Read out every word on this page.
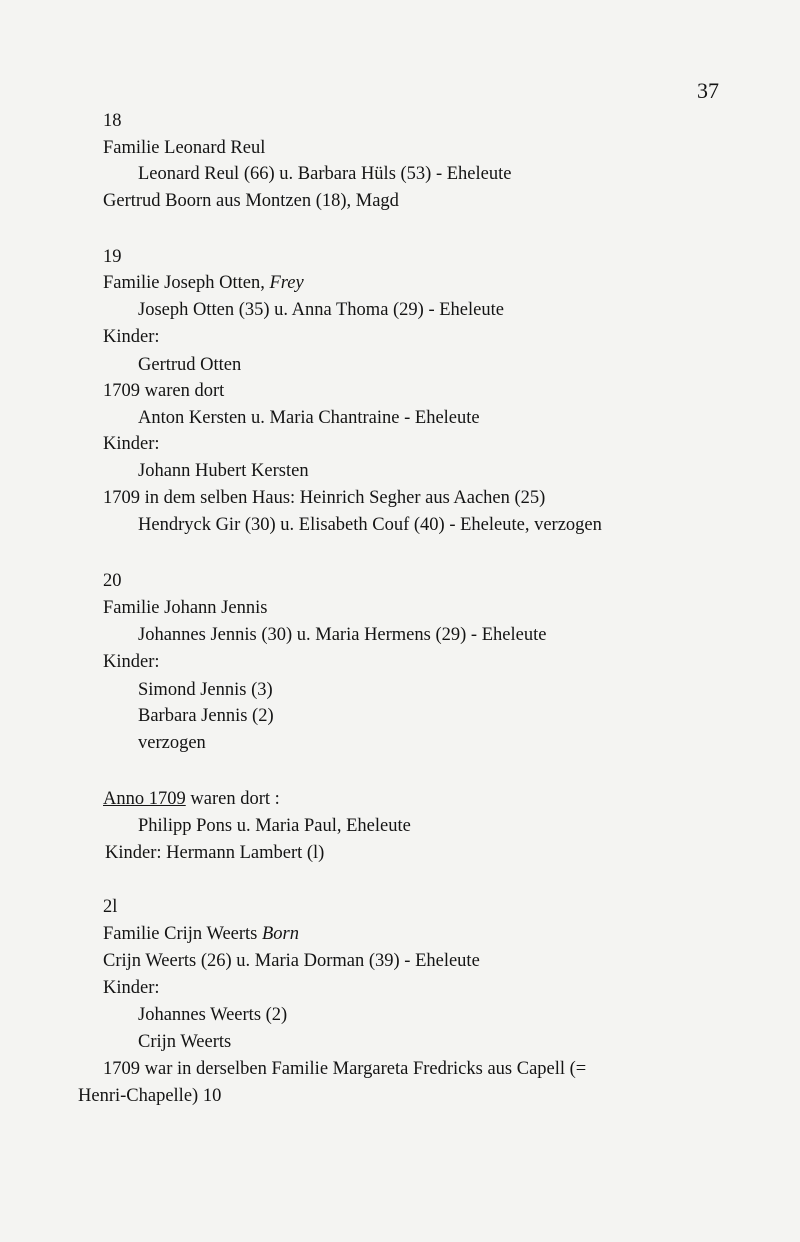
37
18
Familie Leonard Reul
Leonard Reul (66) u. Barbara Hüls (53) - Eheleute
Gertrud Boorn aus Montzen (18), Magd
19
Familie Joseph Otten, Frey
Joseph Otten (35) u. Anna Thoma (29) - Eheleute
Kinder:
Gertrud Otten
1709 waren dort
Anton Kersten u. Maria Chantraine - Eheleute
Kinder:
Johann Hubert Kersten
1709 in dem selben Haus: Heinrich Segher aus Aachen (25)
Hendryck Gir (30) u. Elisabeth Couf (40) - Eheleute, verzogen
20
Familie Johann Jennis
Johannes Jennis (30) u. Maria Hermens (29) - Eheleute
Kinder:
Simond Jennis (3)
Barbara Jennis (2)
verzogen
Anno 1709 waren dort :
Philipp Pons u. Maria Paul, Eheleute
Kinder: Hermann Lambert (l)
2l
Familie Crijn Weerts Born
Crijn Weerts (26) u. Maria Dorman (39) - Eheleute
Kinder:
Johannes Weerts (2)
Crijn Weerts
1709 war in derselben Familie Margareta Fredricks aus Capell (=
Henri-Chapelle) 10
